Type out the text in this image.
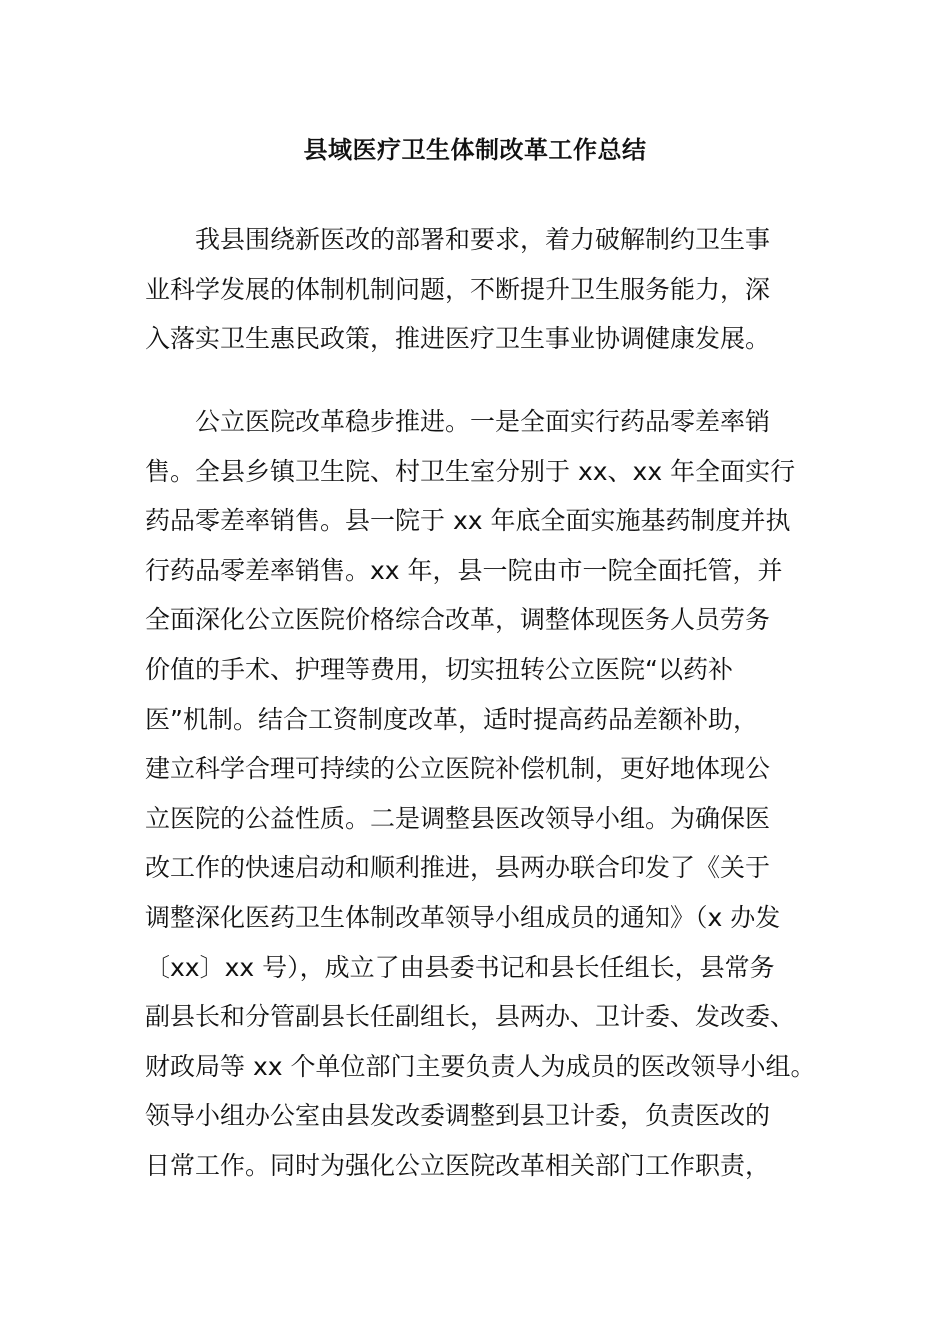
县域医疗卫生体制改革工作总结
我县围绕新医改的部署和要求，着力破解制约卫生事
业科学发展的体制机制问题，不断提升卫生服务能力，深
入落实卫生惠民政策，推进医疗卫生事业协调健康发展。
公立医院改革稳步推进。一是全面实行药品零差率销
售。全县乡镇卫生院、村卫生室分别于 xx、xx 年全面实行
药品零差率销售。县一院于 xx 年底全面实施基药制度并执
行药品零差率销售。xx 年，县一院由市一院全面托管，并
全面深化公立医院价格综合改革，调整体现医务人员劳务
价值的手术、护理等费用，切实扭转公立医院“以药补
医”机制。结合工资制度改革，适时提高药品差额补助，
建立科学合理可持续的公立医院补偿机制，更好地体现公
立医院的公益性质。二是调整县医改领导小组。为确保医
改工作的快速启动和顺利推进，县两办联合印发了《关于
调整深化医药卫生体制改革领导小组成员的通知》（x 办发
〔xx〕xx 号），成立了由县委书记和县长任组长，县常务
副县长和分管副县长任副组长，县两办、卫计委、发改委、
财政局等 xx 个单位部门主要负责人为成员的医改领导小组。
领导小组办公室由县发改委调整到县卫计委，负责医改的
日常工作。同时为强化公立医院改革相关部门工作职责，
